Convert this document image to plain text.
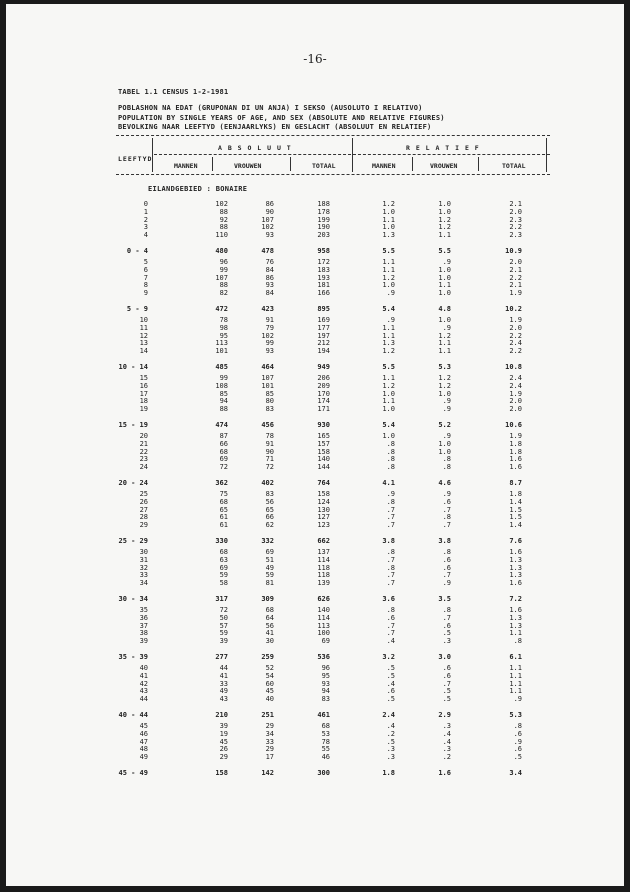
-16-
TABEL 1.1 CENSUS 1-2-1981
POBLASHON NA EDAT (GRUPONAN DI UN ANJA) I SEKSO (AUSOLUTO I RELATIVO)
POPULATION BY SINGLE YEARS OF AGE, AND SEX (ABSOLUTE AND RELATIVE FIGURES)
BEVOLKING NAAR LEEFTYD (EENJAARLYKS) EN GESLACHT (ABSOLUUT EN RELATIEF)
LEEFTYD
A B S O L U U T	R E L A T I E F
MANNEN	VROUWEN	TOTAAL	MANNEN	VROUWEN	TOTAAL
EILANDGEBIED : BONAIRE
0	102	86	188	1.2	1.0	2.1
1	88	90	178	1.0	1.0	2.0
2	92	107	199	1.1	1.2	2.3
3	88	102	190	1.0	1.2	2.2
4	110	93	203	1.3	1.1	2.3
0 - 4	480	478	958	5.5	5.5	10.9
5	96	76	172	1.1	.9	2.0
6	99	84	183	1.1	1.0	2.1
7	107	86	193	1.2	1.0	2.2
8	88	93	181	1.0	1.1	2.1
9	82	84	166	.9	1.0	1.9
5 - 9	472	423	895	5.4	4.8	10.2
10	78	91	169	.9	1.0	1.9
11	98	79	177	1.1	.9	2.0
12	95	102	197	1.1	1.2	2.2
13	113	99	212	1.3	1.1	2.4
14	101	93	194	1.2	1.1	2.2
10 - 14	485	464	949	5.5	5.3	10.8
15	99	107	206	1.1	1.2	2.4
16	108	101	209	1.2	1.2	2.4
17	85	85	170	1.0	1.0	1.9
18	94	80	174	1.1	.9	2.0
19	88	83	171	1.0	.9	2.0
15 - 19	474	456	930	5.4	5.2	10.6
20	87	78	165	1.0	.9	1.9
21	66	91	157	.8	1.0	1.8
22	68	90	158	.8	1.0	1.8
23	69	71	140	.8	.8	1.6
24	72	72	144	.8	.8	1.6
20 - 24	362	402	764	4.1	4.6	8.7
25	75	83	158	.9	.9	1.8
26	68	56	124	.8	.6	1.4
27	65	65	130	.7	.7	1.5
28	61	66	127	.7	.8	1.5
29	61	62	123	.7	.7	1.4
25 - 29	330	332	662	3.8	3.8	7.6
30	68	69	137	.8	.8	1.6
31	63	51	114	.7	.6	1.3
32	69	49	118	.8	.6	1.3
33	59	59	118	.7	.7	1.3
34	58	81	139	.7	.9	1.6
30 - 34	317	309	626	3.6	3.5	7.2
35	72	68	140	.8	.8	1.6
36	50	64	114	.6	.7	1.3
37	57	56	113	.7	.6	1.3
38	59	41	100	.7	.5	1.1
39	39	30	69	.4	.3	.8
35 - 39	277	259	536	3.2	3.0	6.1
40	44	52	96	.5	.6	1.1
41	41	54	95	.5	.6	1.1
42	33	60	93	.4	.7	1.1
43	49	45	94	.6	.5	1.1
44	43	40	83	.5	.5	.9
40 - 44	210	251	461	2.4	2.9	5.3
45	39	29	68	.4	.3	.8
46	19	34	53	.2	.4	.6
47	45	33	78	.5	.4	.9
48	26	29	55	.3	.3	.6
49	29	17	46	.3	.2	.5
45 - 49	158	142	300	1.8	1.6	3.4
